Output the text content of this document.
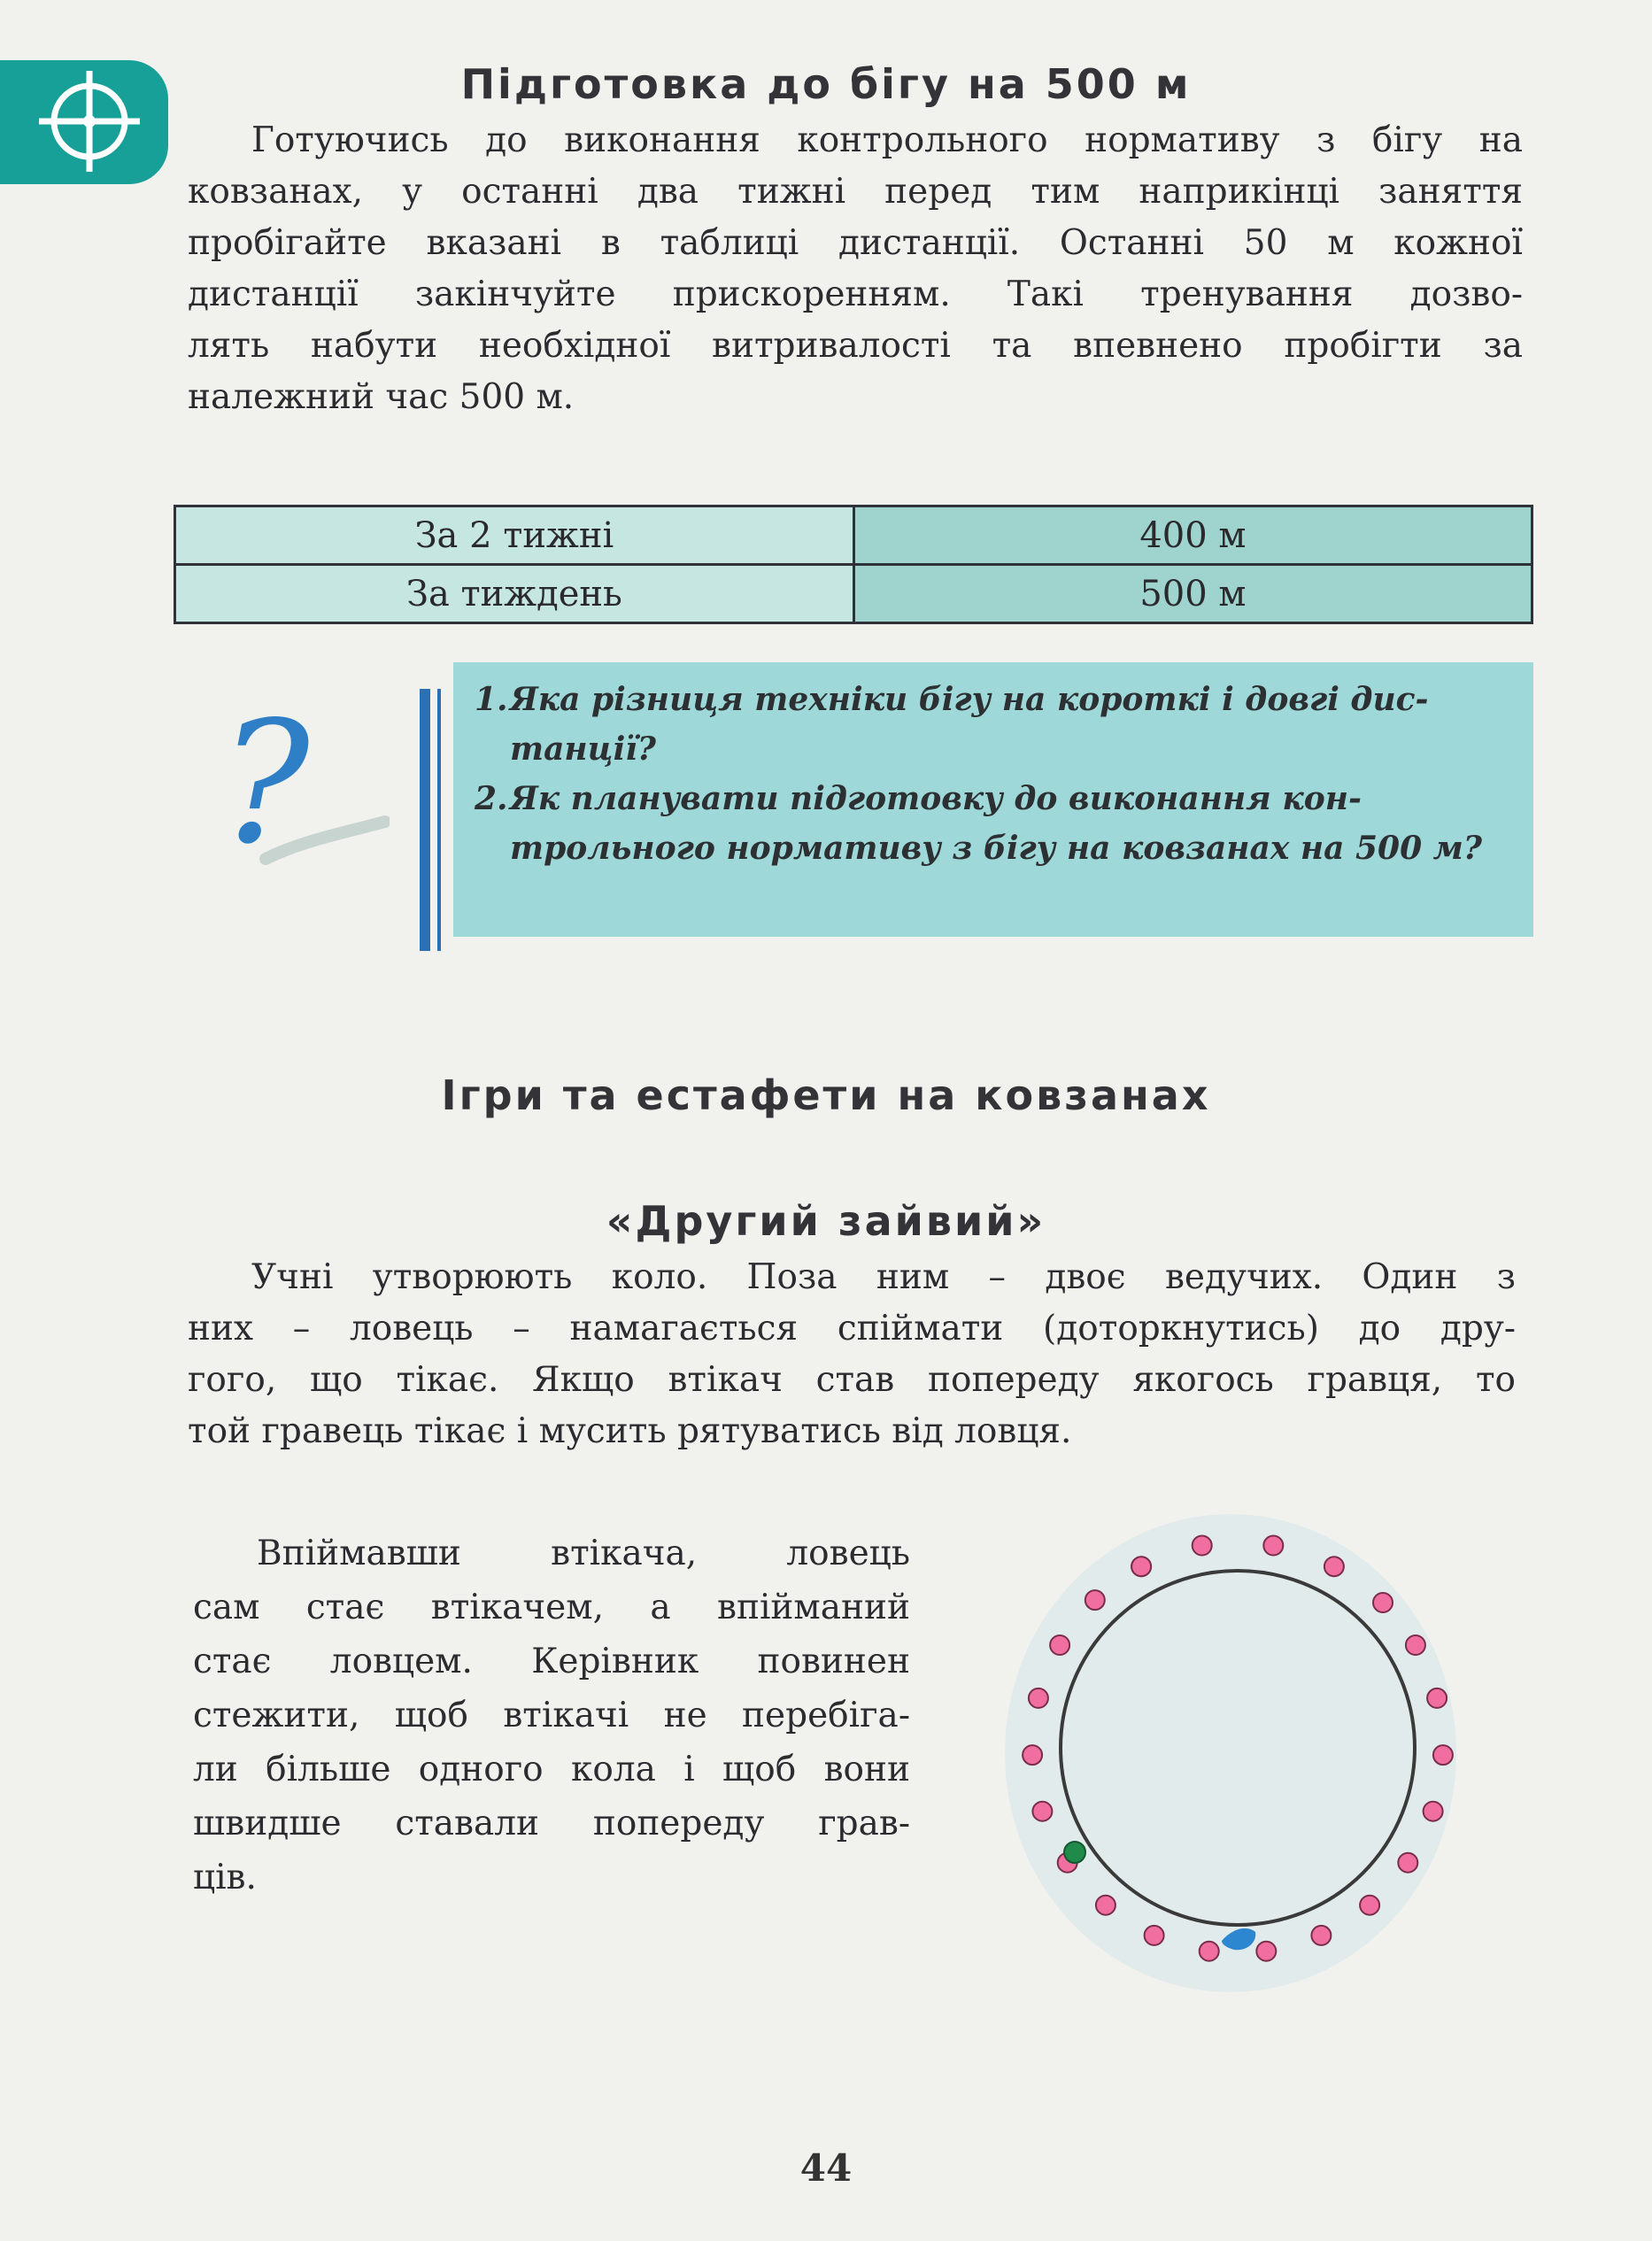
Підготовка до бігу на 500 м
Готуючись до виконання контрольного нормативу з бігу на
ковзанах, у останні два тижні перед тим наприкінці заняття
пробігайте вказані в таблиці дистанції. Останні 50 м кожної
дистанції закінчуйте прискоренням. Такі тренування дозво-
лять набути необхідної витривалості та впевнено пробігти за
належний час 500 м.
За 2 тижні	400 м
За тиждень	500 м
?	1.Яка різниця техніки бігу на короткі і довгі дис-
танції?
2.Як планувати підготовку до виконання кон-
трольного нормативу з бігу на ковзанах на 500 м?
Ігри та естафети на ковзанах
«Другий зайвий»
Учні утворюють коло. Поза ним – двоє ведучих. Один з
них – ловець – намагається спіймати (доторкнутись) до дру-
гого, що тікає. Якщо втікач став попереду якогось гравця, то
той гравець тікає і мусить рятуватись від ловця.
Впіймавши втікача, ловець
сам стає втікачем, а впійманий
стає ловцем. Керівник повинен
стежити, щоб втікачі не перебіга-
ли більше одного кола і щоб вони
швидше ставали попереду грав-
ців.
44
